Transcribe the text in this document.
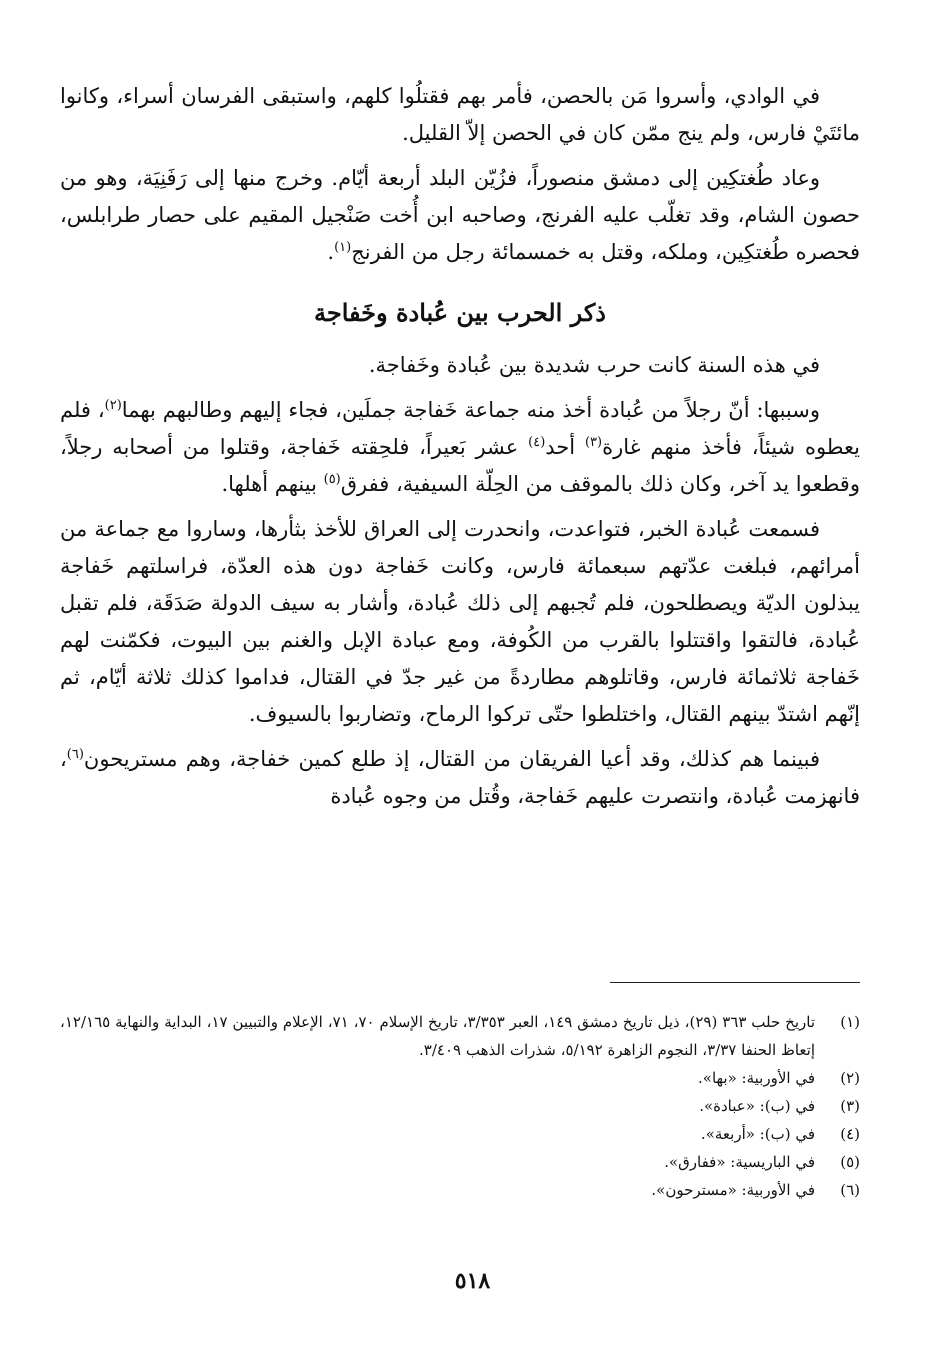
في الوادي، وأسروا مَن بالحصن، فأمر بهم فقتلُوا كلهم، واستبقى الفرسان أسراء، وكانوا مائتَيْ فارس، ولم ينج ممّن كان في الحصن إلاّ القليل.

وعاد طُغتكِين إلى دمشق منصوراً، فزُيّن البلد أربعة أيّام. وخرج منها إلى رَفَنِيَة، وهو من حصون الشام، وقد تغلّب عليه الفرنج، وصاحبه ابن أُخت صَنْجيل المقيم على حصار طرابلس، فحصره طُغتكِين، وملكه، وقتل به خمسمائة رجل من الفرنج$^{(١)}$.

ذكر الحرب بين عُبادة وخَفاجة

في هذه السنة كانت حرب شديدة بين عُبادة وخَفاجة.

وسببها: أنّ رجلاً من عُبادة أخذ منه جماعة خَفاجة جملَين، فجاء إليهم وطالبهم بهما$^{(٢)}$، فلم يعطوه شيئاً، فأخذ منهم غارة$^{(٣)}$ أحد$^{(٤)}$ عشر بَعيراً، فلحِقته خَفاجة، وقتلوا من أصحابه رجلاً، وقطعوا يد آخر، وكان ذلك بالموقف من الحِلّة السيفية، ففرق$^{(٥)}$ بينهم أهلها.

فسمعت عُبادة الخبر، فتواعدت، وانحدرت إلى العراق للأخذ بثأرها، وساروا مع جماعة من أمرائهم، فبلغت عدّتهم سبعمائة فارس، وكانت خَفاجة دون هذه العدّة، فراسلتهم خَفاجة يبذلون الديّة ويصطلحون، فلم تُجبهم إلى ذلك عُبادة، وأشار به سيف الدولة صَدَقَة، فلم تقبل عُبادة، فالتقوا واقتتلوا بالقرب من الكُوفة، ومع عبادة الإبل والغنم بين البيوت، فكمّنت لهم خَفاجة ثلاثمائة فارس، وقاتلوهم مطاردةً من غير جدّ في القتال، فداموا كذلك ثلاثة أيّام، ثم إنّهم اشتدّ بينهم القتال، واختلطوا حتّى تركوا الرماح، وتضاربوا بالسيوف.

فبينما هم كذلك، وقد أعيا الفريقان من القتال، إذ طلع كمين خفاجة، وهم مستريحون$^{(٦)}$، فانهزمت عُبادة، وانتصرت عليهم خَفاجة، وقُتل من وجوه عُبادة

(١)
تاريخ حلب ٣٦٣ (٢٩)، ذيل تاريخ دمشق ١٤٩، العبر ٣/٣٥٣، تاريخ الإسلام ٧٠، ٧١، الإعلام والتبيين ١٧، البداية والنهاية ١٢/١٦٥، إتعاظ الحنفا ٣/٣٧، النجوم الزاهرة ٥/١٩٢، شذرات الذهب ٣/٤٠٩.
(٢)
في الأوربية: «بها».
(٣)
في (ب): «عبادة».
(٤)
في (ب): «أربعة».
(٥)
في الباريسية: «ففارق».
(٦)
في الأوربية: «مسترحون».
٥١٨
